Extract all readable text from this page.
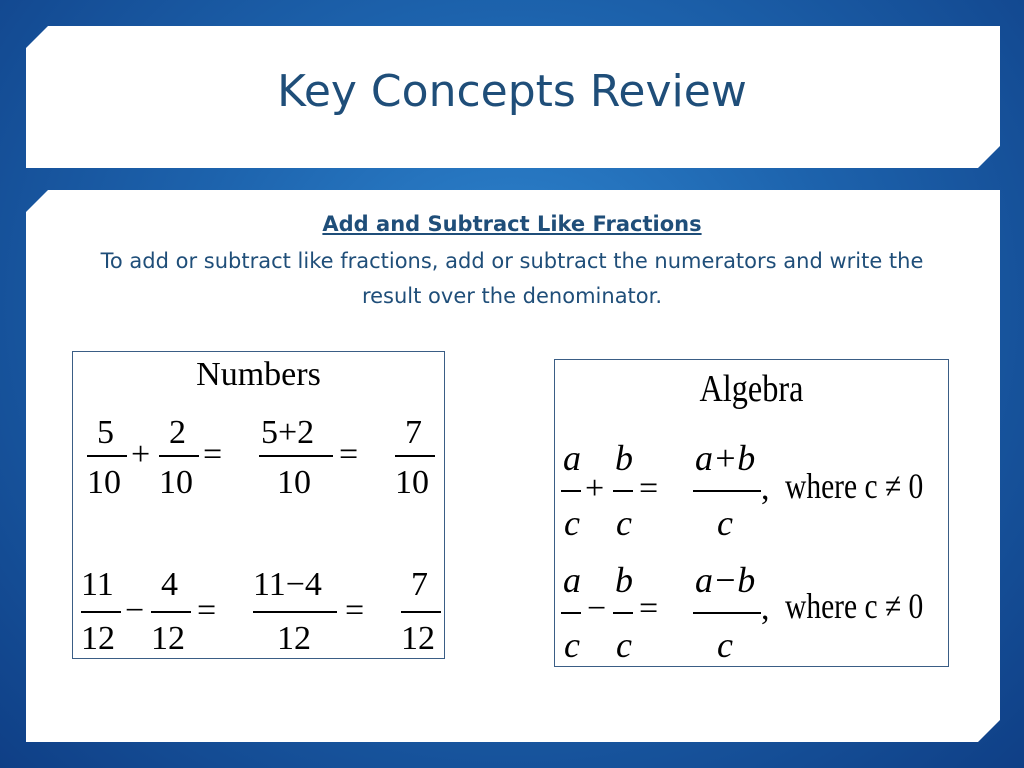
Key Concepts Review
Add and Subtract Like Fractions
To add or subtract like fractions, add or subtract the numerators and write the result over the denominator.
Numbers
5
10
+
2
10
=
5+2
10
=
7
10
11
12
−
4
12
=
11−4
12
=
7
12
Algebra
a
c
+
b
c
=
a+b
c
, where c ≠ 0
a
c
−
b
c
=
a−b
c
, where c ≠ 0
